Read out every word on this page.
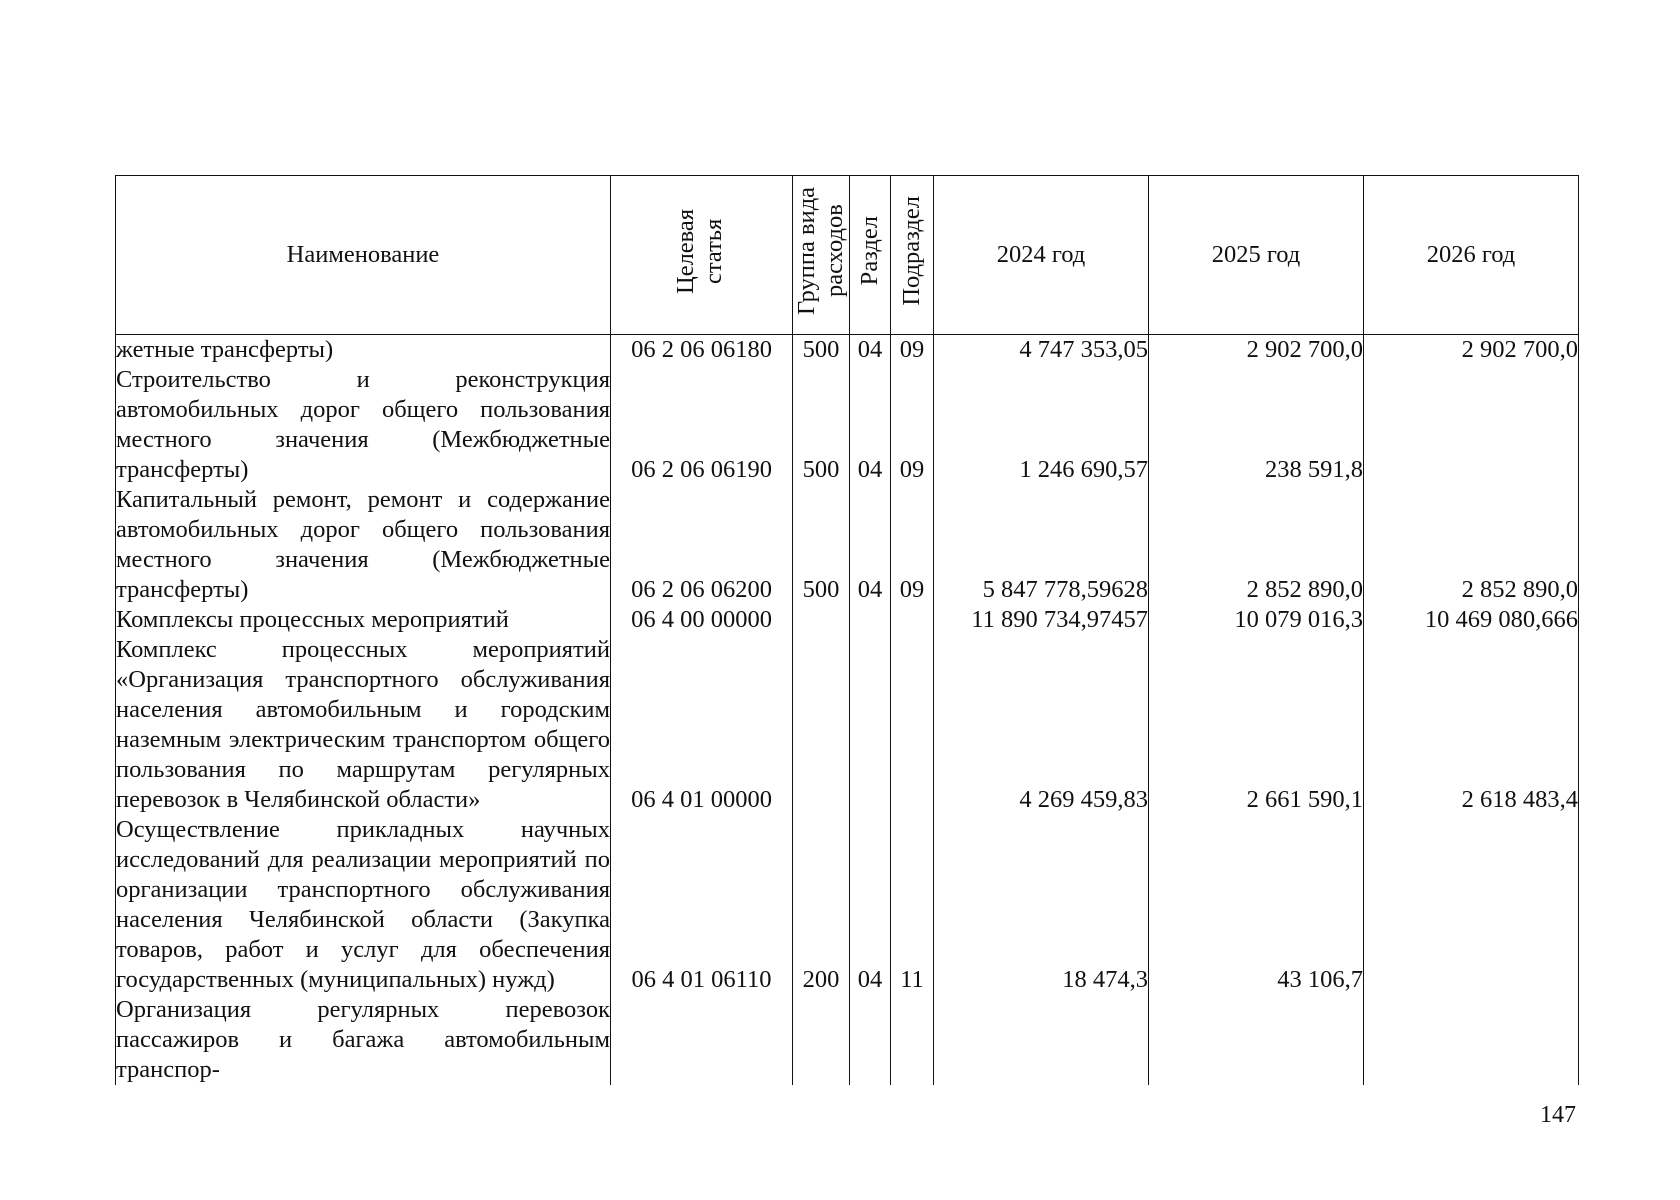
Наименование	Целевая статья	Группа вида расходов	Раздел	Подраздел	2024 год	2025 год	2026 год
жетные трансферты)	06 2 06 06180	500	04	09	4 747 353,05	2 902 700,0	2 902 700,0
Строительство и реконструкция автомобильных дорог общего пользования местного значения (Межбюджетные трансферты)	06 2 06 06190	500	04	09	1 246 690,57	238 591,8	
Капитальный ремонт, ремонт и содержание автомобильных дорог общего пользования местного значения (Межбюджетные трансферты)	06 2 06 06200	500	04	09	5 847 778,59628	2 852 890,0	2 852 890,0
Комплексы процессных мероприятий	06 4 00 00000				11 890 734,97457	10 079 016,3	10 469 080,666
Комплекс процессных мероприятий «Организация транспортного обслуживания населения автомобильным и городским наземным электрическим транспортом общего пользования по маршрутам регулярных перевозок в Челябинской области»	06 4 01 00000				4 269 459,83	2 661 590,1	2 618 483,4
Осуществление прикладных научных исследований для реализации мероприятий по организации транспортного обслуживания населения Челябинской области (Закупка товаров, работ и услуг для обеспечения государственных (муниципальных) нужд)	06 4 01 06110	200	04	11	18 474,3	43 106,7	
Организация регулярных перевозок пассажиров и багажа автомобильным транспор-							
147
